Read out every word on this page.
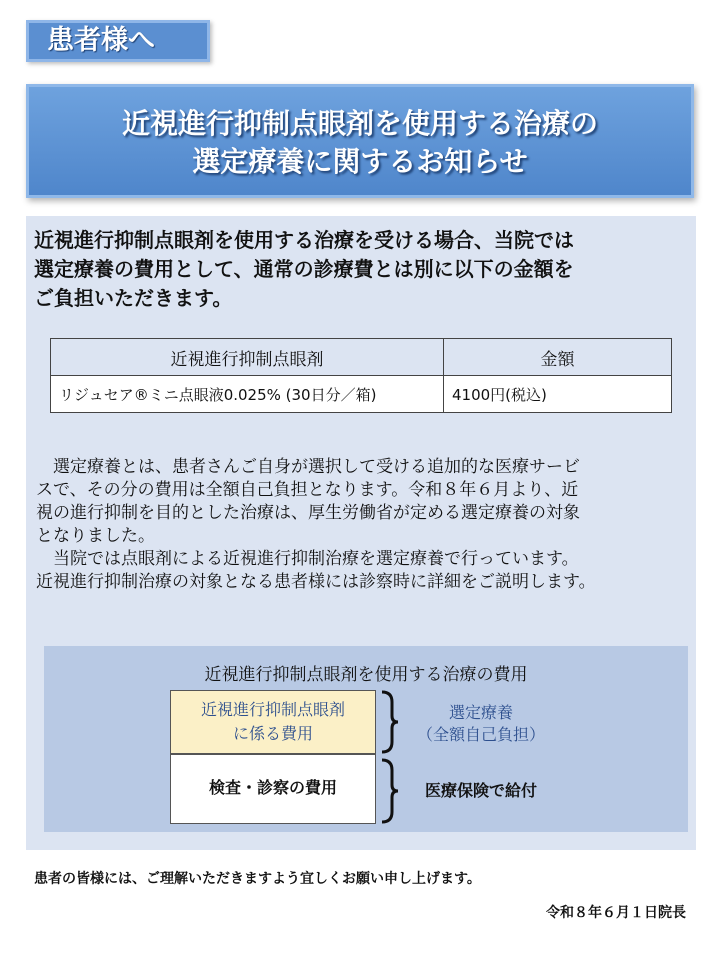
患者様へ
近視進行抑制点眼剤を使用する治療の
選定療養に関するお知らせ
近視進行抑制点眼剤を使用する治療を受ける場合、当院では
選定療養の費用として、通常の診療費とは別に以下の金額を
ご負担いただきます。
近視進行抑制点眼剤	金額
リジュセア®ミニ点眼液0.025% (30日分／箱)	4100円(税込)

　選定療養とは、患者さんご自身が選択して受ける追加的な医療サービ

スで、その分の費用は全額自己負担となります。令和８年６月より、近

視の進行抑制を目的とした治療は、厚生労働省が定める選定療養の対象

となりました。

　当院では点眼剤による近視進行抑制治療を選定療養で行っています。

近視進行抑制治療の対象となる患者様には診察時に詳細をご説明します。

近視進行抑制点眼剤を使用する治療の費用
近視進行抑制点眼剤
に係る費用
検査・診察の費用
選定療養
（全額自己負担）
医療保険で給付
患者の皆様には、ご理解いただきますよう宜しくお願い申し上げます。
令和８年６月１日院長
